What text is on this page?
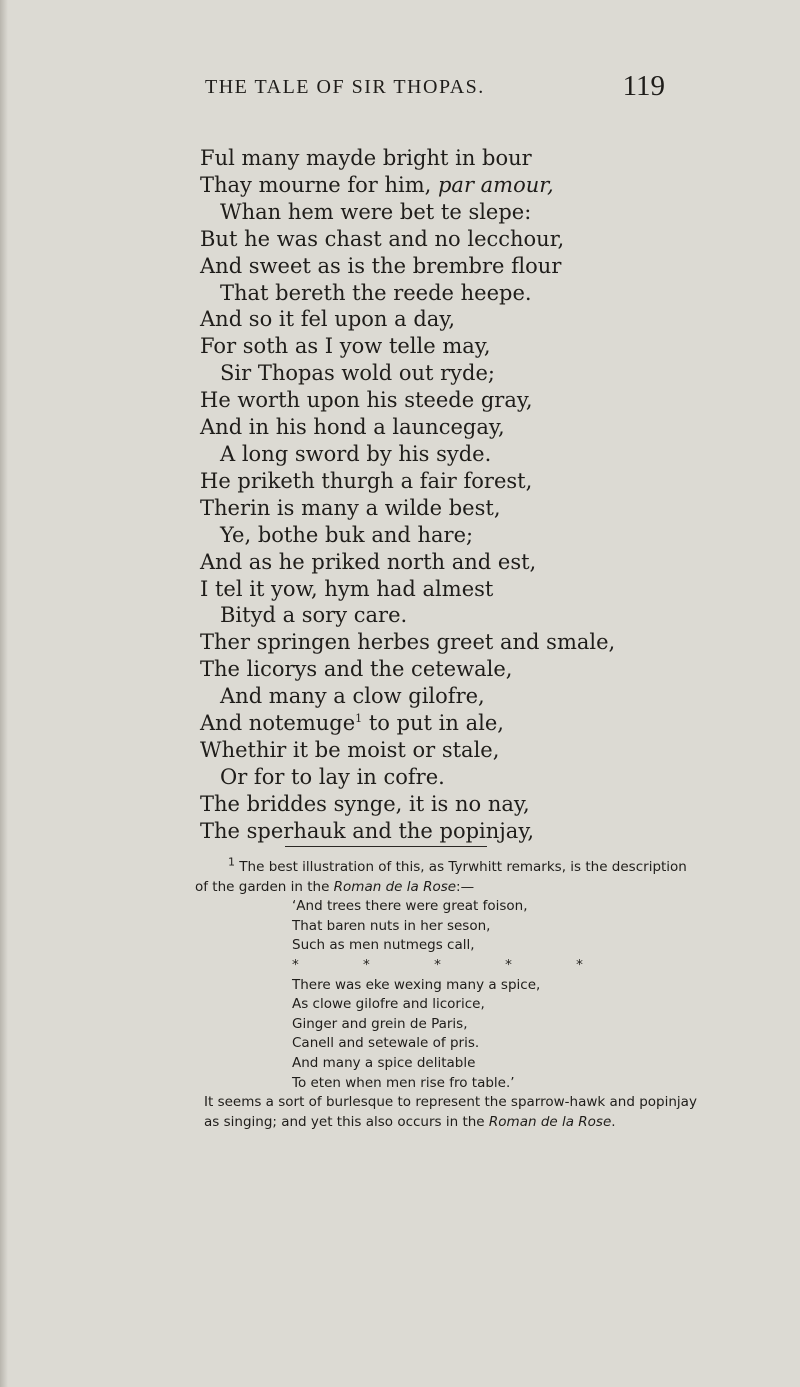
THE TALE OF SIR THOPAS.	119
Ful many mayde bright in bour
Thay mourne for him, par amour,
Whan hem were bet te slepe:
But he was chast and no lecchour,
And sweet as is the brembre flour
That bereth the reede heepe.
And so it fel upon a day,
For soth as I yow telle may,
Sir Thopas wold out ryde;
He worth upon his steede gray,
And in his hond a launcegay,
A long sword by his syde.
He priketh thurgh a fair forest,
Therin is many a wilde best,
Ye, bothe buk and hare;
And as he priked north and est,
I tel it yow, hym had almest
Bityd a sory care.
Ther springen herbes greet and smale,
The licorys and the cetewale,
And many a clow gilofre,
And notemuge$^1$ to put in ale,
Whethir it be moist or stale,
Or for to lay in cofre.
The briddes synge, it is no nay,
The sperhauk and the popinjay,
$^1$ The best illustration of this, as Tyrwhitt remarks, is the description
of the garden in the Roman de la Rose:—
‘And trees there were great foison,
That baren nuts in her seson,
Such as men nutmegs call,
* * * * *
There was eke wexing many a spice,
As clowe gilofre and licorice,
Ginger and grein de Paris,
Canell and setewale of pris.
And many a spice delitable
To eten when men rise fro table.’
It seems a sort of burlesque to represent the sparrow-hawk and popinjay
as singing; and yet this also occurs in the Roman de la Rose.
